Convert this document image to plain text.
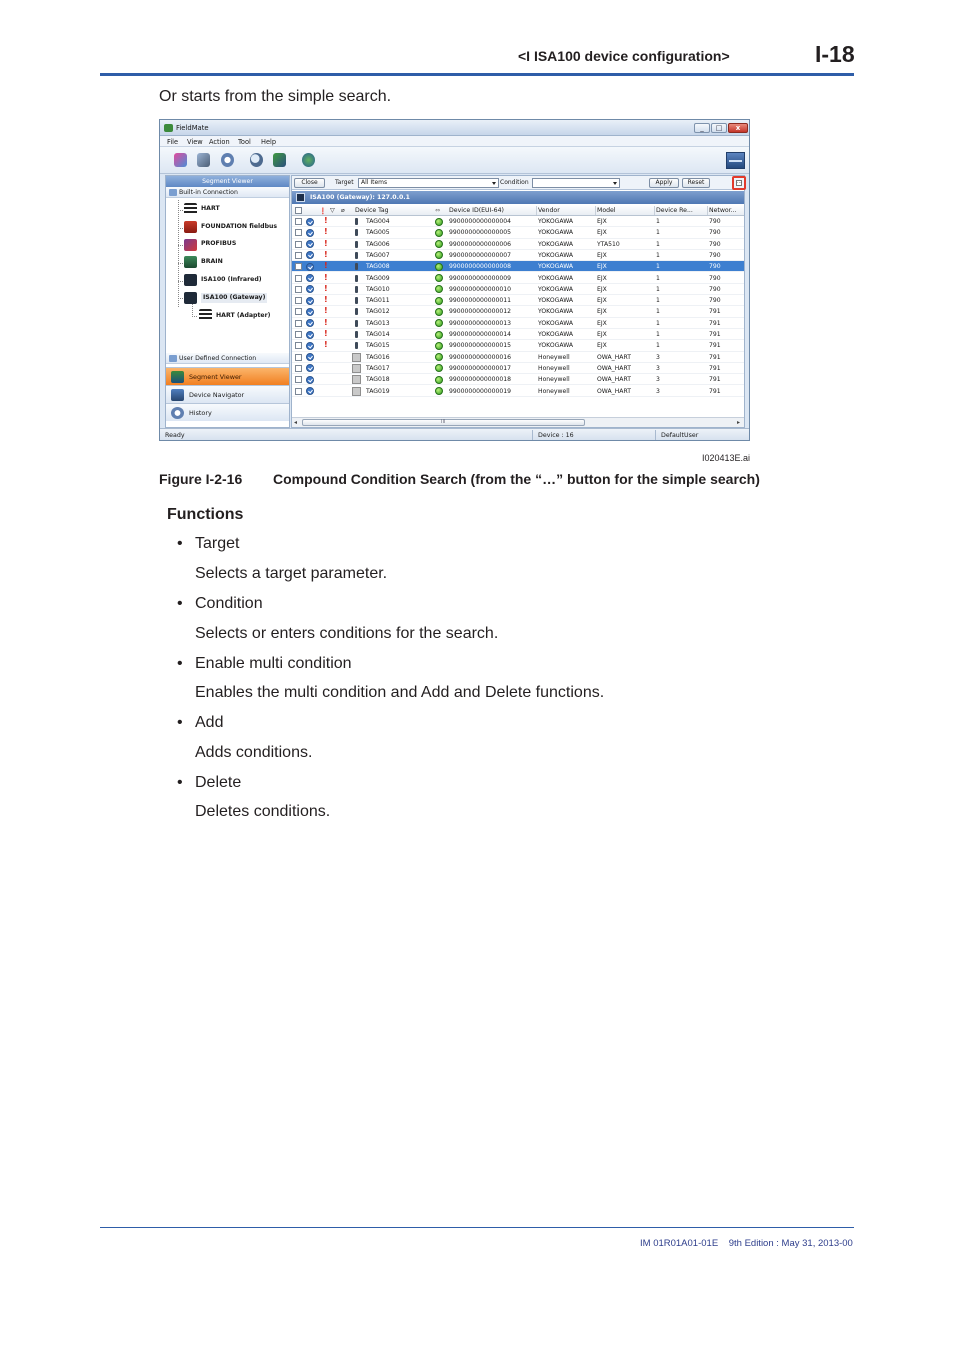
<I ISA100 device configuration>	I-18
Or starts from the simple search.
FieldMate	_	□	x
File View Action Tool Help
Segment Viewer
Built-in Connection
HART
FOUNDATION fieldbus
PROFIBUS
BRAIN
ISA100 (Infrared)
ISA100 (Gateway)
HART (Adapter)
User Defined Connection
Segment Viewer
Device Navigator
History
Close	Target	All Items	Condition	Apply	Reset	...
ISA100 (Gateway): 127.0.0.1
❗ ▽ ⌀ Device Tag	⇔ Device ID(EUI-64)	Vendor	Model	Device Re...	Networ...
!	TAG004	9900000000000004	YOKOGAWA	EJX	1	790
!	TAG005	9900000000000005	YOKOGAWA	EJX	1	790
!	TAG006	9900000000000006	YOKOGAWA	YTA510	1	790
!	TAG007	9900000000000007	YOKOGAWA	EJX	1	790
!	TAG008	9900000000000008	YOKOGAWA	EJX	1	790
!	TAG009	9900000000000009	YOKOGAWA	EJX	1	790
!	TAG010	9900000000000010	YOKOGAWA	EJX	1	790
!	TAG011	9900000000000011	YOKOGAWA	EJX	1	790
!	TAG012	9900000000000012	YOKOGAWA	EJX	1	791
!	TAG013	9900000000000013	YOKOGAWA	EJX	1	791
!	TAG014	9900000000000014	YOKOGAWA	EJX	1	791
!	TAG015	9900000000000015	YOKOGAWA	EJX	1	791
TAG016	9900000000000016	Honeywell	OWA_HART	3	791
TAG017	9900000000000017	Honeywell	OWA_HART	3	791
TAG018	9900000000000018	Honeywell	OWA_HART	3	791
TAG019	9900000000000019	Honeywell	OWA_HART	3	791
◂	III	▸
Ready	Device : 16	DefaultUser
I020413E.ai
Figure I-2-16 Compound Condition Search (from the “…” button for the simple search)
Functions
• Target
Selects a target parameter.
• Condition
Selects or enters conditions for the search.
• Enable multi condition
Enables the multi condition and Add and Delete functions.
• Add
Adds conditions.
• Delete
Deletes conditions.
IM 01R01A01-01E 9th Edition : May 31, 2013-00
